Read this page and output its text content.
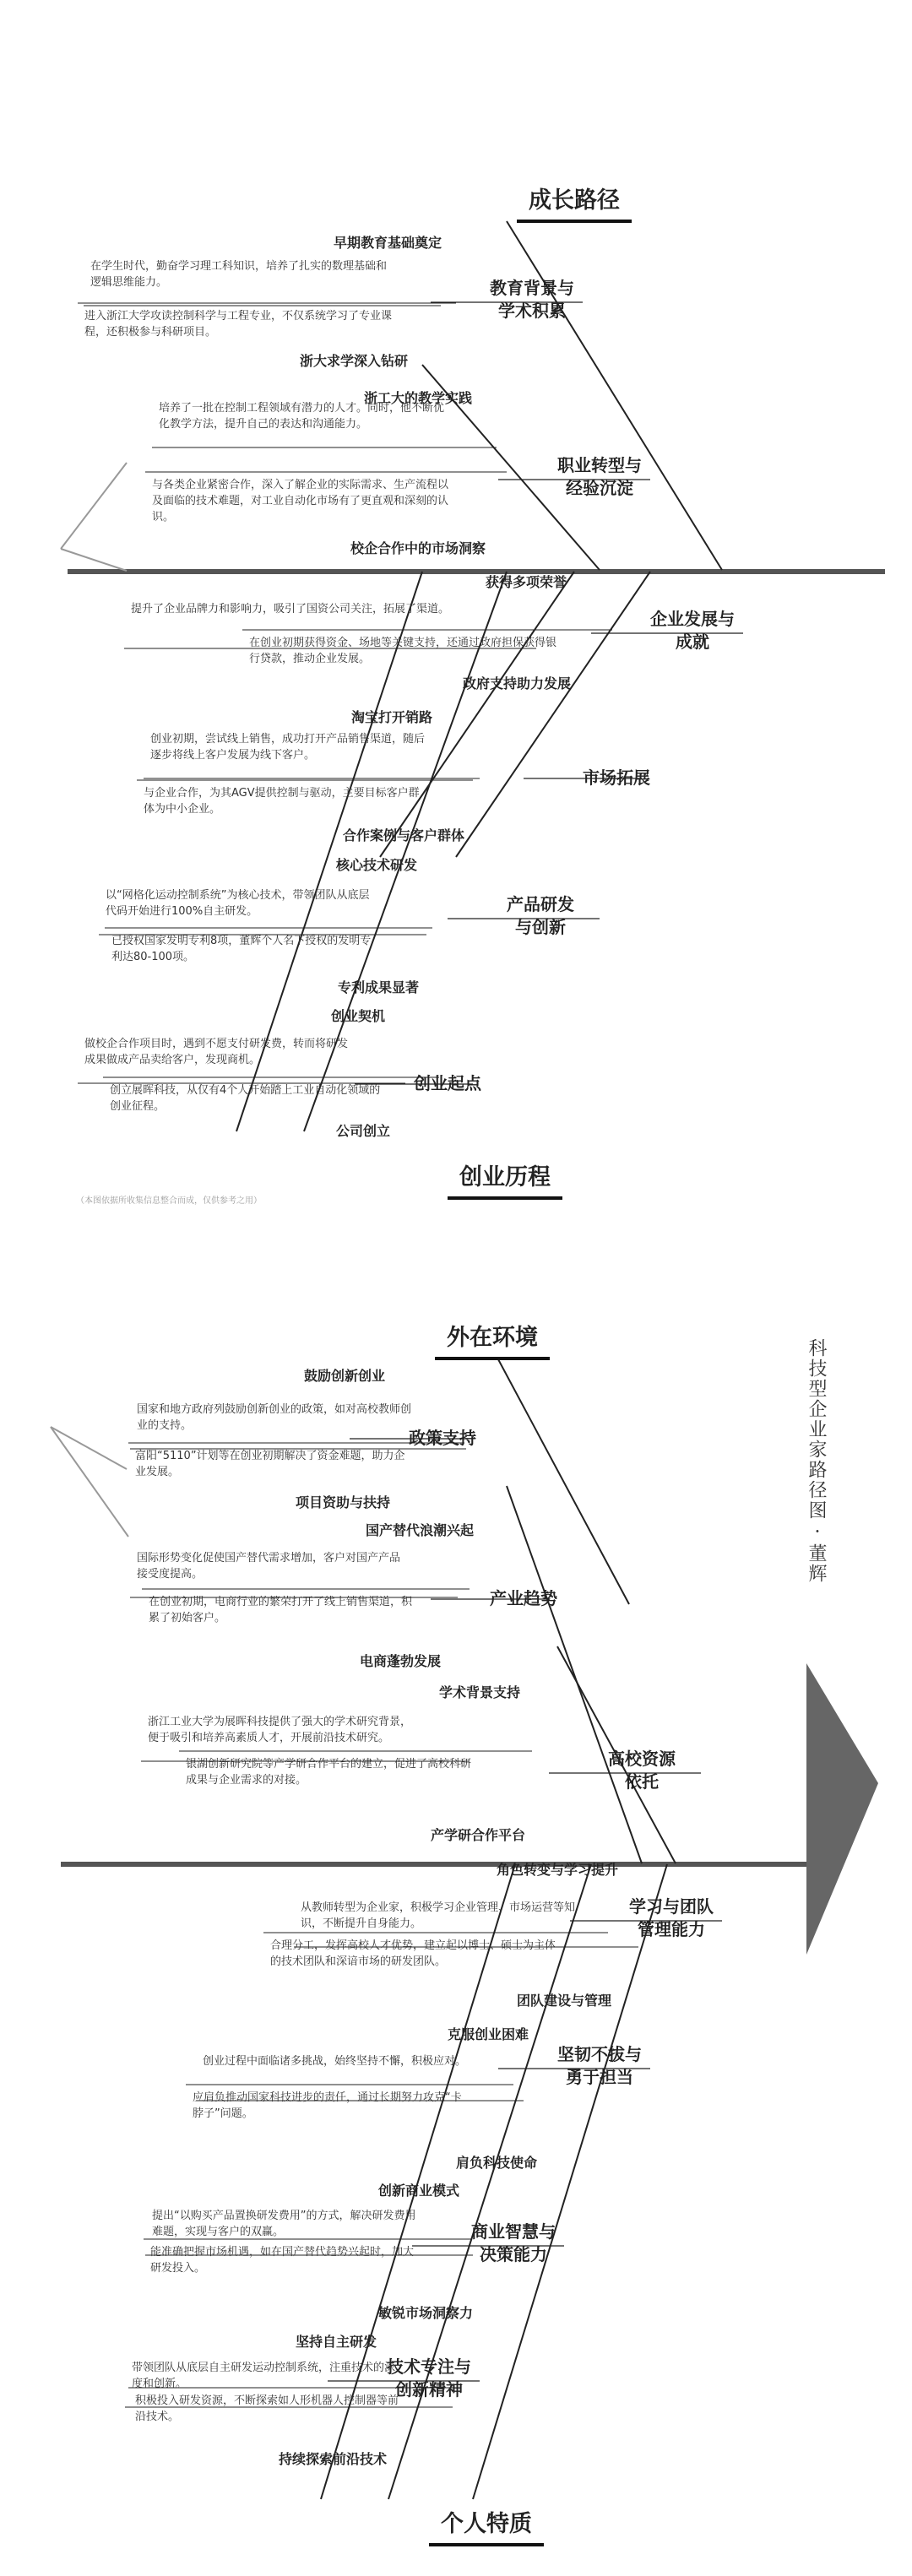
成长路径
教育背景与
学术积累
早期教育基础奠定
在学生时代，勤奋学习理工科知识，培养了扎实的数理基础和逻辑思维能力。
浙大求学深入钻研
进入浙江大学攻读控制科学与工程专业，不仅系统学习了专业课程，还积极参与科研项目。
职业转型与
经验沉淀
浙工大的教学实践
培养了一批在控制工程领域有潜力的人才。同时，他不断优化教学方法，提升自己的表达和沟通能力。
校企合作中的市场洞察
与各类企业紧密合作，深入了解企业的实际需求、生产流程以及面临的技术难题，对工业自动化市场有了更直观和深刻的认识。
创业历程
企业发展与
成就
获得多项荣誉
提升了企业品牌力和影响力，吸引了国资公司关注，拓展了渠道。
政府支持助力发展
在创业初期获得资金、场地等关键支持，还通过政府担保获得银行贷款，推动企业发展。
市场拓展
淘宝打开销路
创业初期，尝试线上销售，成功打开产品销售渠道，随后逐步将线上客户发展为线下客户。
合作案例与客户群体
与企业合作，为其AGV提供控制与驱动，主要目标客户群体为中小企业。
产品研发
与创新
核心技术研发
以“网格化运动控制系统”为核心技术，带领团队从底层代码开始进行100%自主研发。
专利成果显著
已授权国家发明专利8项，董辉个人名下授权的发明专利达80-100项。
创业起点
创业契机
做校企合作项目时，遇到不愿支付研发费，转而将研发成果做成产品卖给客户，发现商机。
公司创立
创立展晖科技，从仅有4个人开始踏上工业自动化领域的创业征程。
外在环境
政策支持
鼓励创新创业
国家和地方政府列鼓励创新创业的政策，如对高校教师创业的支持。
项目资助与扶持
富阳“5110”计划等在创业初期解决了资金难题，助力企业发展。
产业趋势
国产替代浪潮兴起
国际形势变化促使国产替代需求增加，客户对国产产品接受度提高。
电商蓬勃发展
在创业初期，电商行业的繁荣打开了线上销售渠道，积累了初始客户。
高校资源
依托
学术背景支持
浙江工业大学为展晖科技提供了强大的学术研究背景，便于吸引和培养高素质人才，开展前沿技术研究。
产学研合作平台
银湖创新研究院等产学研合作平台的建立，促进了高校科研成果与企业需求的对接。
个人特质
学习与团队
管理能力
角色转变与学习提升
从教师转型为企业家，积极学习企业管理、市场运营等知识，不断提升自身能力。
团队建设与管理
合理分工，发挥高校人才优势，建立起以博士、硕士为主体的技术团队和深谙市场的研发团队。
坚韧不拔与
勇于担当
克服创业困难
创业过程中面临诸多挑战，始终坚持不懈，积极应对。
肩负科技使命
应肩负推动国家科技进步的责任，通过长期努力攻克“卡脖子”问题。
商业智慧与
决策能力
创新商业模式
提出“以购买产品置换研发费用”的方式，解决研发费用难题，实现与客户的双赢。
敏锐市场洞察力
能准确把握市场机遇，如在国产替代趋势兴起时，加大研发投入。
技术专注与
创新精神
坚持自主研发
带领团队从底层自主研发运动控制系统，注重技术的深度和创新。
持续探索前沿技术
积极投入研发资源，不断探索如人形机器人控制器等前沿技术。
（本图依据所收集信息整合而成，仅供参考之用）
科技型企业家路径图 · 董辉
